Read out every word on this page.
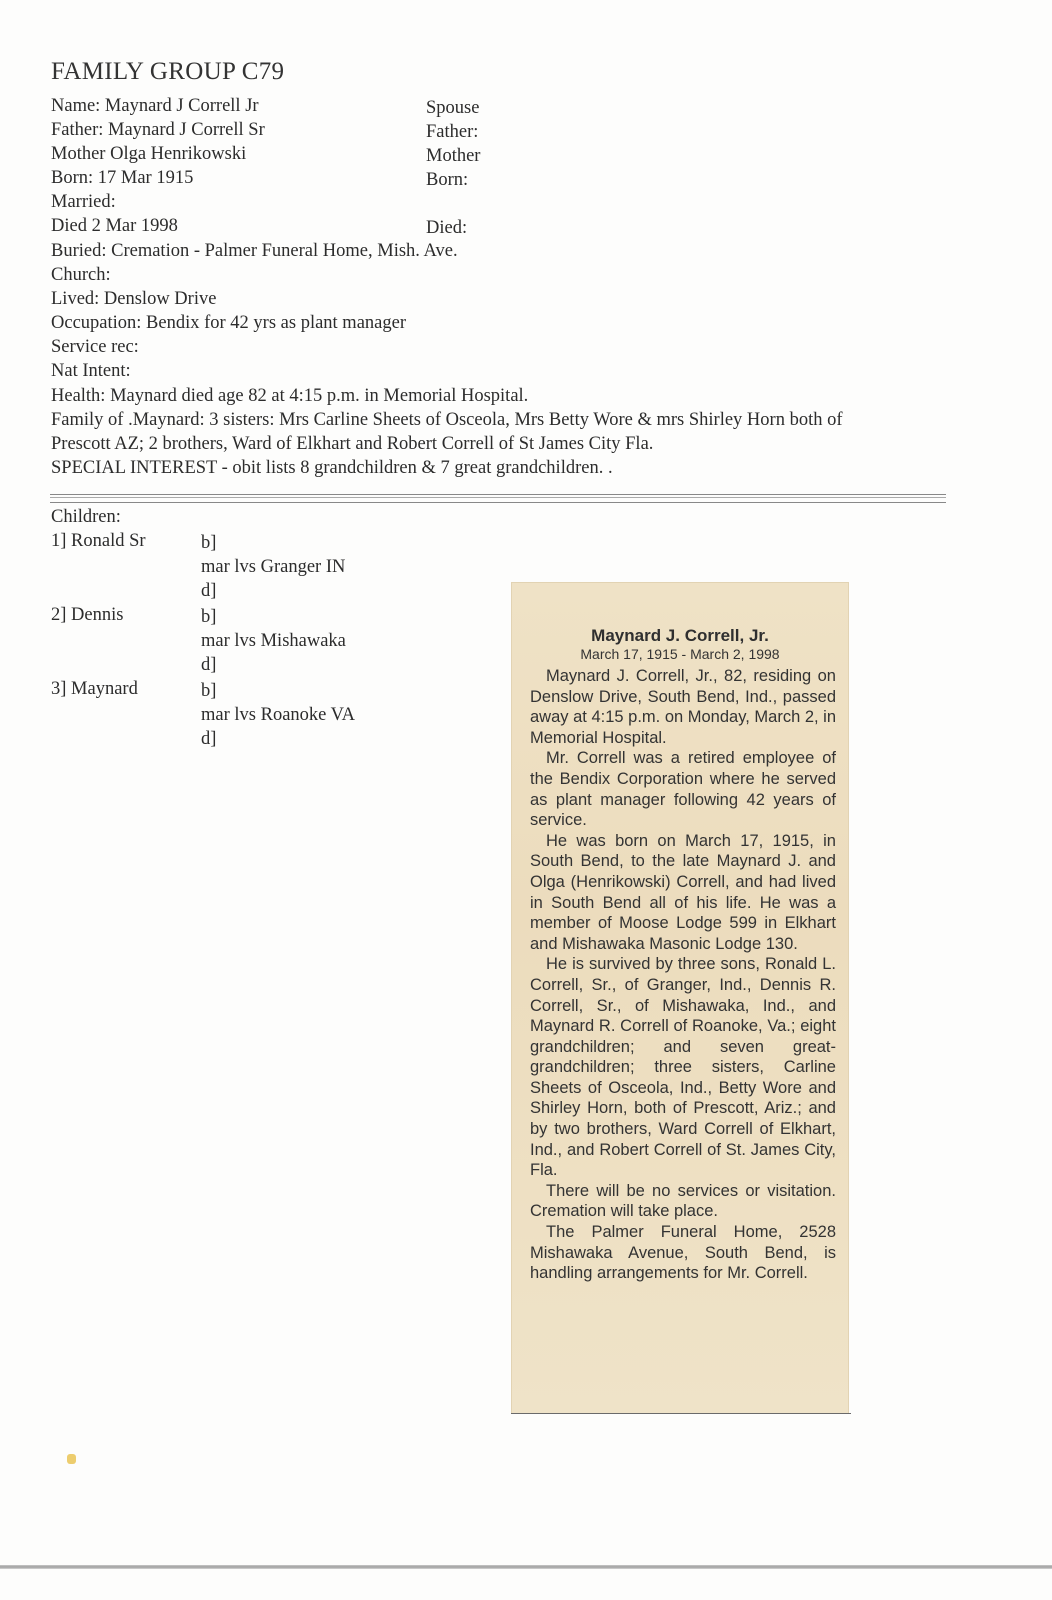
FAMILY GROUP C79
Name: Maynard J Correll Jr
Father: Maynard J Correll Sr
Mother Olga Henrikowski
Born: 17 Mar 1915
Married:
Died 2 Mar 1998
Spouse
Father:
Mother
Born:
Died:
Buried: Cremation - Palmer Funeral Home, Mish. Ave.
Church:
Lived: Denslow Drive
Occupation: Bendix for 42 yrs as plant manager
Service rec:
Nat Intent:
Health: Maynard died age 82 at 4:15 p.m. in Memorial Hospital.
Family of .Maynard: 3 sisters: Mrs Carline Sheets of Osceola, Mrs Betty Wore & mrs Shirley Horn both of
Prescott AZ; 2 brothers, Ward of Elkhart and Robert Correll of St James City Fla.
SPECIAL INTEREST - obit lists 8 grandchildren & 7 great grandchildren. .
Children:
1] Ronald Sr	b]
mar lvs Granger IN
d]
2] Dennis	b]
mar lvs Mishawaka
d]
3] Maynard	b]
mar lvs Roanoke VA
d]
Maynard J. Correll, Jr.
March 17, 1915 - March 2, 1998

Maynard J. Correll, Jr., 82, residing on Denslow Drive, South Bend, Ind., passed away at 4:15 p.m. on Monday, March 2, in Memorial Hospital.

Mr. Correll was a retired employee of the Bendix Corporation where he served as plant manager following 42 years of service.

He was born on March 17, 1915, in South Bend, to the late Maynard J. and Olga (Henrikowski) Correll, and had lived in South Bend all of his life. He was a member of Moose Lodge 599 in Elkhart and Mishawaka Masonic Lodge 130.

He is survived by three sons, Ronald L. Correll, Sr., of Granger, Ind., Dennis R. Correll, Sr., of Mishawaka, Ind., and Maynard R. Correll of Roanoke, Va.; eight grandchildren; and seven great-grandchildren; three sisters, Carline Sheets of Osceola, Ind., Betty Wore and Shirley Horn, both of Prescott, Ariz.; and by two brothers, Ward Correll of Elkhart, Ind., and Robert Correll of St. James City, Fla.

There will be no services or visitation. Cremation will take place.

The Palmer Funeral Home, 2528 Mishawaka Avenue, South Bend, is handling arrangements for Mr. Correll.
